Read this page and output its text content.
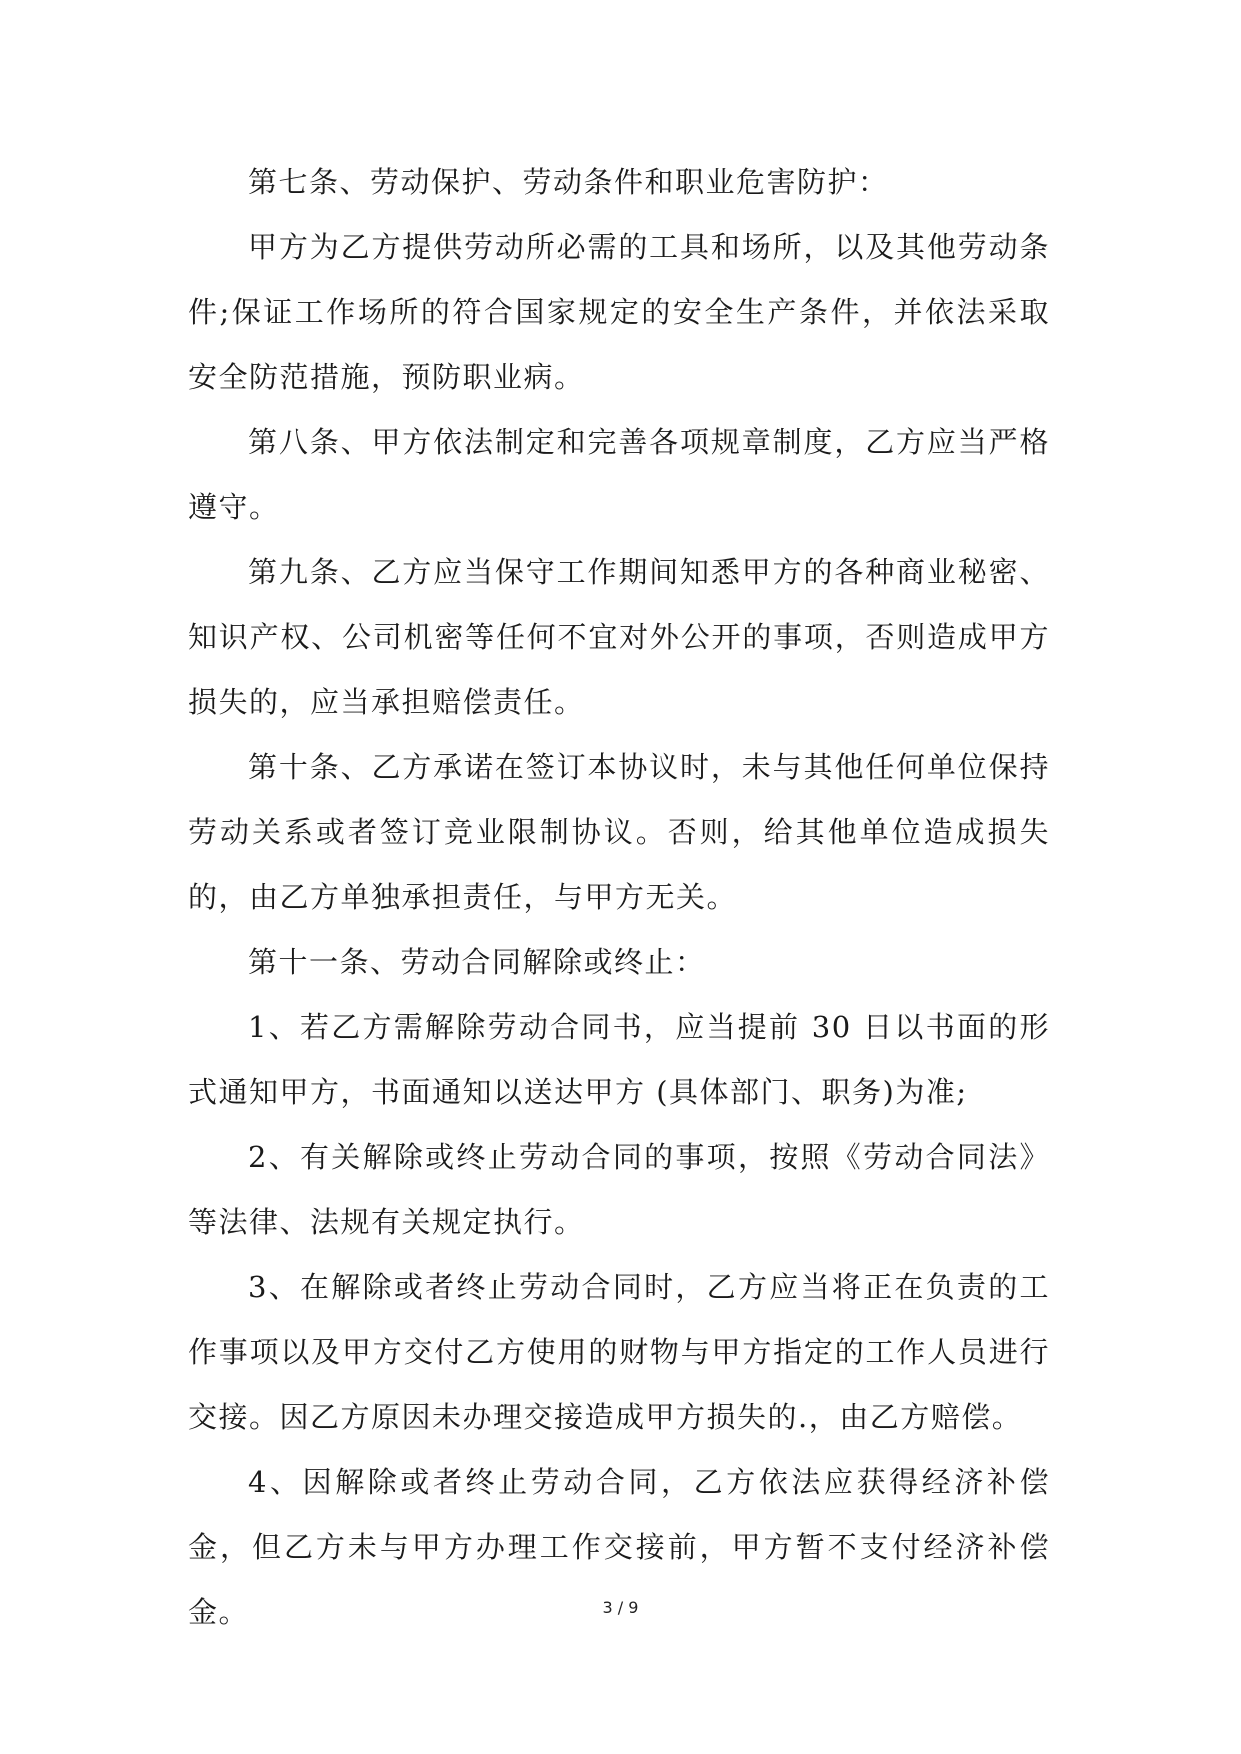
第七条、劳动保护、劳动条件和职业危害防护：

甲方为乙方提供劳动所必需的工具和场所，以及其他劳动条件;保证工作场所的符合国家规定的安全生产条件，并依法采取安全防范措施，预防职业病。

第八条、甲方依法制定和完善各项规章制度，乙方应当严格遵守。

第九条、乙方应当保守工作期间知悉甲方的各种商业秘密、知识产权、公司机密等任何不宜对外公开的事项，否则造成甲方损失的，应当承担赔偿责任。

第十条、乙方承诺在签订本协议时，未与其他任何单位保持劳动关系或者签订竞业限制协议。否则，给其他单位造成损失的，由乙方单独承担责任，与甲方无关。

第十一条、劳动合同解除或终止：

1、若乙方需解除劳动合同书，应当提前 30 日以书面的形式通知甲方，书面通知以送达甲方 (具体部门、职务)为准;

2、有关解除或终止劳动合同的事项，按照《劳动合同法》等法律、法规有关规定执行。

3、在解除或者终止劳动合同时，乙方应当将正在负责的工作事项以及甲方交付乙方使用的财物与甲方指定的工作人员进行交接。因乙方原因未办理交接造成甲方损失的.，由乙方赔偿。

4、因解除或者终止劳动合同，乙方依法应获得经济补偿金，但乙方未与甲方办理工作交接前，甲方暂不支付经济补偿金。	3 / 9
